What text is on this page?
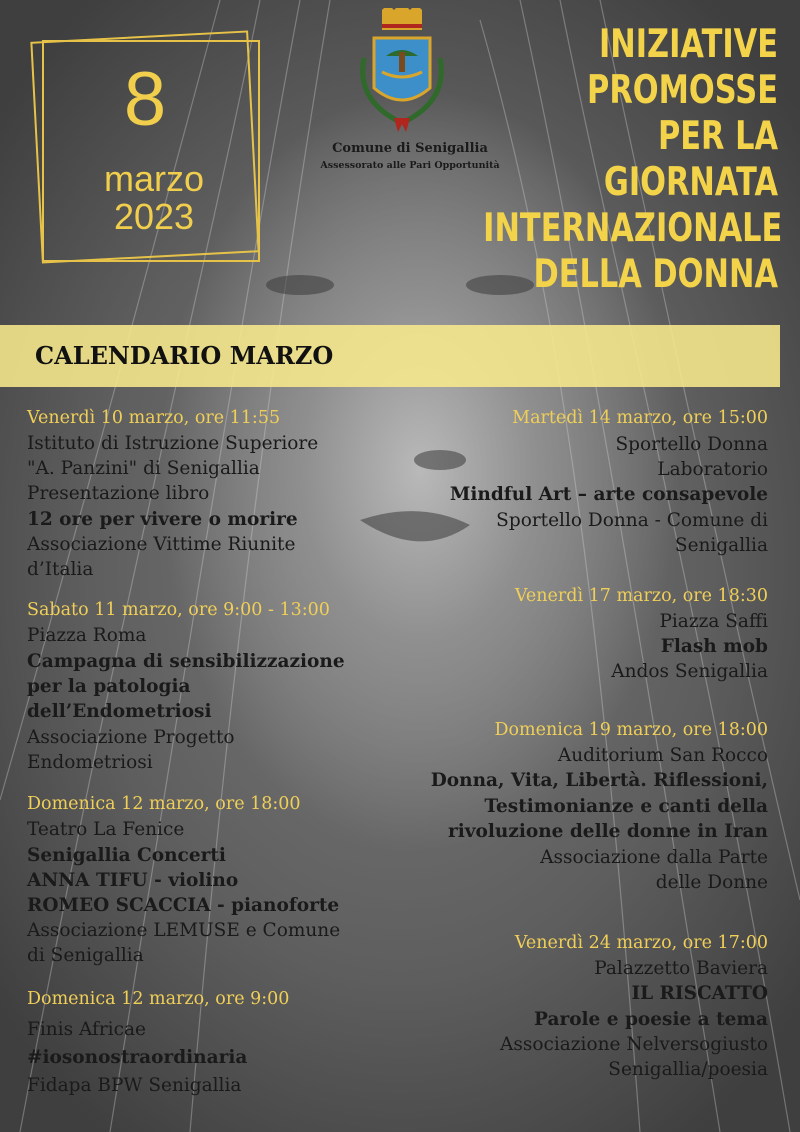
8
marzo
2023
Comune di Senigallia
Assessorato alle Pari Opportunità
INIZIATIVE
PROMOSSE
PER LA
GIORNATA
INTERNAZIONALE
DELLA DONNA
CALENDARIO MARZO
Venerdì 10 marzo, ore 11:55
Istituto di Istruzione Superiore
"A. Panzini" di Senigallia
Presentazione libro
12 ore per vivere o morire
Associazione Vittime Riunite
d’Italia
Sabato 11 marzo, ore 9:00 - 13:00
Piazza Roma
Campagna di sensibilizzazione
per la patologia
dell’Endometriosi
Associazione Progetto
Endometriosi
Domenica 12 marzo, ore 18:00
Teatro La Fenice
Senigallia Concerti
ANNA TIFU - violino
ROMEO SCACCIA - pianoforte
Associazione LEMUSE e Comune
di Senigallia
Domenica 12 marzo, ore 9:00
Finis Africae
#iosonostraordinaria
Fidapa BPW Senigallia
Martedì 14 marzo, ore 15:00
Sportello Donna
Laboratorio
Mindful Art – arte consapevole
Sportello Donna - Comune di
Senigallia
Venerdì 17 marzo, ore 18:30
Piazza Saffi
Flash mob
Andos Senigallia
Domenica 19 marzo, ore 18:00
Auditorium San Rocco
Donna, Vita, Libertà. Riflessioni,
Testimonianze e canti della
rivoluzione delle donne in Iran
Associazione dalla Parte
delle Donne
Venerdì 24 marzo, ore 17:00
Palazzetto Baviera
IL RISCATTO
Parole e poesie a tema
Associazione Nelversogiusto
Senigallia/poesia
